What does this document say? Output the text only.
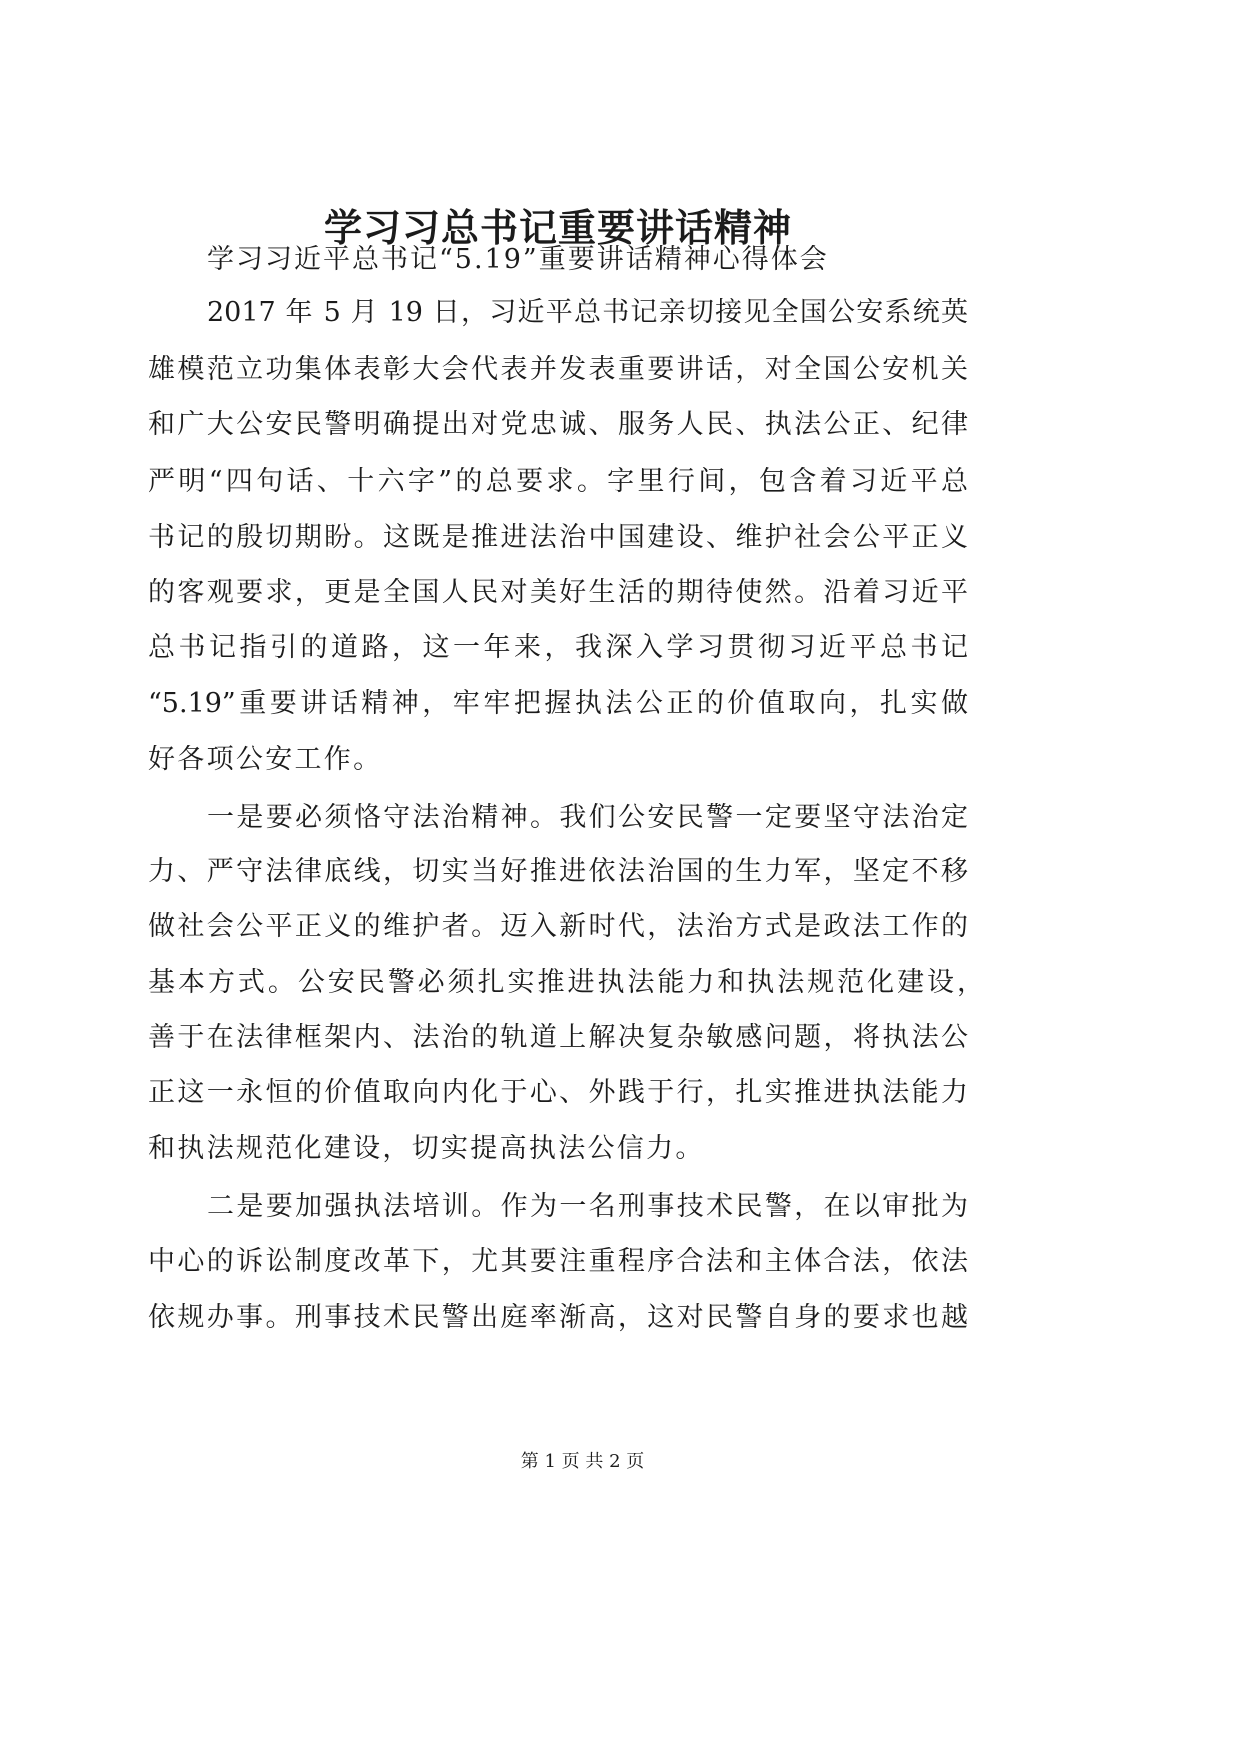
学习习总书记重要讲话精神
学习习近平总书记“5.19”重要讲话精神心得体会
2017 年 5 月 19 日，习近平总书记亲切接见全国公安系统英
雄模范立功集体表彰大会代表并发表重要讲话，对全国公安机关
和广大公安民警明确提出对党忠诚、服务人民、执法公正、纪律
严明“四句话、十六字”的总要求。字里行间，包含着习近平总
书记的殷切期盼。这既是推进法治中国建设、维护社会公平正义
的客观要求，更是全国人民对美好生活的期待使然。沿着习近平
总书记指引的道路，这一年来，我深入学习贯彻习近平总书记
“5.19”重要讲话精神，牢牢把握执法公正的价值取向，扎实做
好各项公安工作。
一是要必须恪守法治精神。我们公安民警一定要坚守法治定
力、严守法律底线，切实当好推进依法治国的生力军，坚定不移
做社会公平正义的维护者。迈入新时代，法治方式是政法工作的
基本方式。公安民警必须扎实推进执法能力和执法规范化建设，
善于在法律框架内、法治的轨道上解决复杂敏感问题，将执法公
正这一永恒的价值取向内化于心、外践于行，扎实推进执法能力
和执法规范化建设，切实提高执法公信力。
二是要加强执法培训。作为一名刑事技术民警，在以审批为
中心的诉讼制度改革下，尤其要注重程序合法和主体合法，依法
依规办事。刑事技术民警出庭率渐高，这对民警自身的要求也越
第 1 页 共 2 页
